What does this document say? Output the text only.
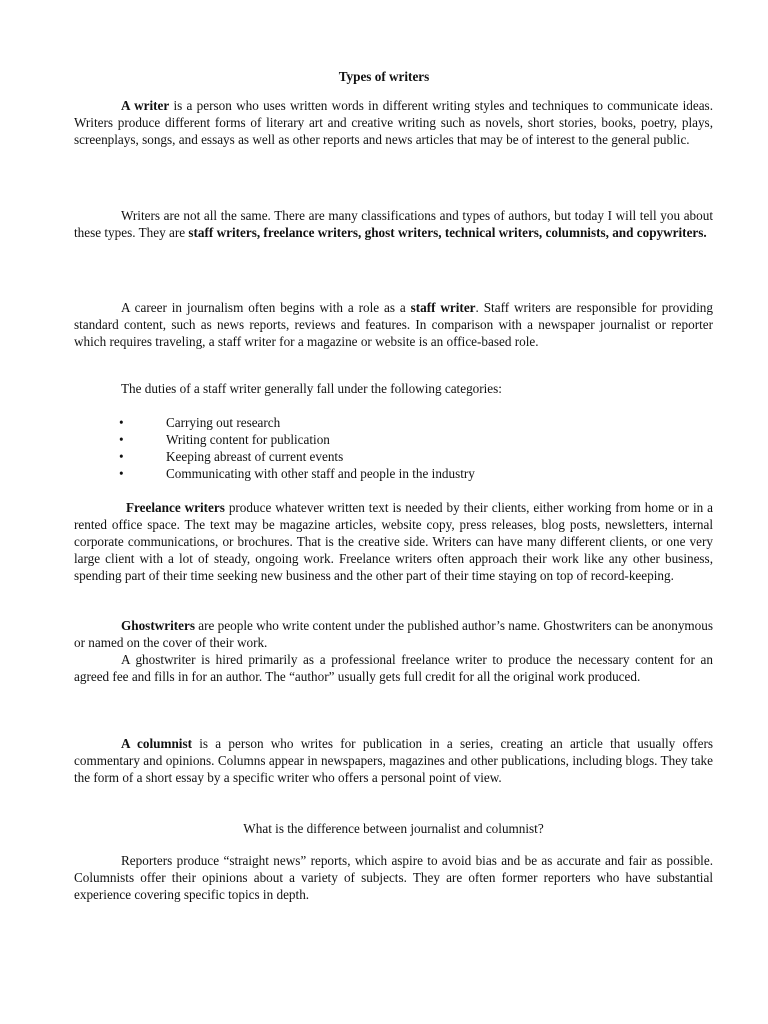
Types of writers

A writer is a person who uses written words in different writing styles and techniques to communicate ideas. Writers produce different forms of literary art and creative writing such as novels, short stories, books, poetry, plays, screenplays, songs, and essays as well as other reports and news articles that may be of interest to the general public.

Writers are not all the same. There are many classifications and types of authors, but today I will tell you about these types. They are staff writers, freelance writers, ghost writers, technical writers, columnists, and copywriters.

A career in journalism often begins with a role as a staff writer. Staff writers are responsible for providing standard content, such as news reports, reviews and features. In comparison with a newspaper journalist or reporter which requires traveling, a staff writer for a magazine or website is an office-based role.

The duties of a staff writer generally fall under the following categories:

•	Carrying out research
•	Writing content for publication
•	Keeping abreast of current events
•	Communicating with other staff and people in the industry

Freelance writers produce whatever written text is needed by their clients, either working from home or in a rented office space. The text may be magazine articles, website copy, press releases, blog posts, newsletters, internal corporate communications, or brochures. That is the creative side. Writers can have many different clients, or one very large client with a lot of steady, ongoing work. Freelance writers often approach their work like any other business, spending part of their time seeking new business and the other part of their time staying on top of record-keeping.

Ghostwriters are people who write content under the published author’s name. Ghostwriters can be anonymous or named on the cover of their work.

A ghostwriter is hired primarily as a professional freelance writer to produce the necessary content for an agreed fee and fills in for an author. The “author” usually gets full credit for all the original work produced.

A columnist is a person who writes for publication in a series, creating an article that usually offers commentary and opinions. Columns appear in newspapers, magazines and other publications, including blogs. They take the form of a short essay by a specific writer who offers a personal point of view.

What is the difference between journalist and columnist?

Reporters produce “straight news” reports, which aspire to avoid bias and be as accurate and fair as possible. Columnists offer their opinions about a variety of subjects. They are often former reporters who have substantial experience covering specific topics in depth.
